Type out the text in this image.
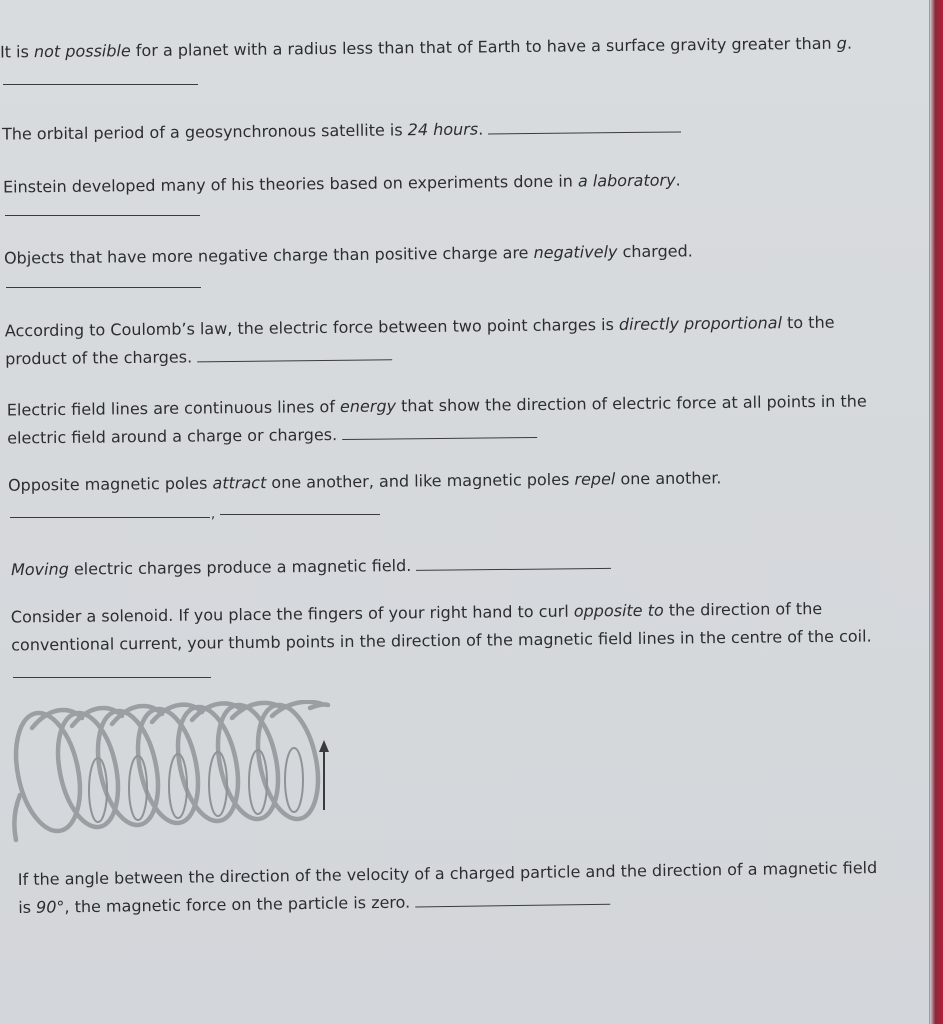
It is not possible for a planet with a radius less than that of Earth to have a surface gravity greater than g.
The orbital period of a geosynchronous satellite is 24 hours.
Einstein developed many of his theories based on experiments done in a laboratory.
Objects that have more negative charge than positive charge are negatively charged.
According to Coulomb’s law, the electric force between two point charges is directly proportional to the
product of the charges.
Electric field lines are continuous lines of energy that show the direction of electric force at all points in the
electric field around a charge or charges.
Opposite magnetic poles attract one another, and like magnetic poles repel one another.
,
Moving electric charges produce a magnetic field.
Consider a solenoid. If you place the fingers of your right hand to curl opposite to the direction of the
conventional current, your thumb points in the direction of the magnetic field lines in the centre of the coil.
If the angle between the direction of the velocity of a charged particle and the direction of a magnetic field
is 90°, the magnetic force on the particle is zero.
